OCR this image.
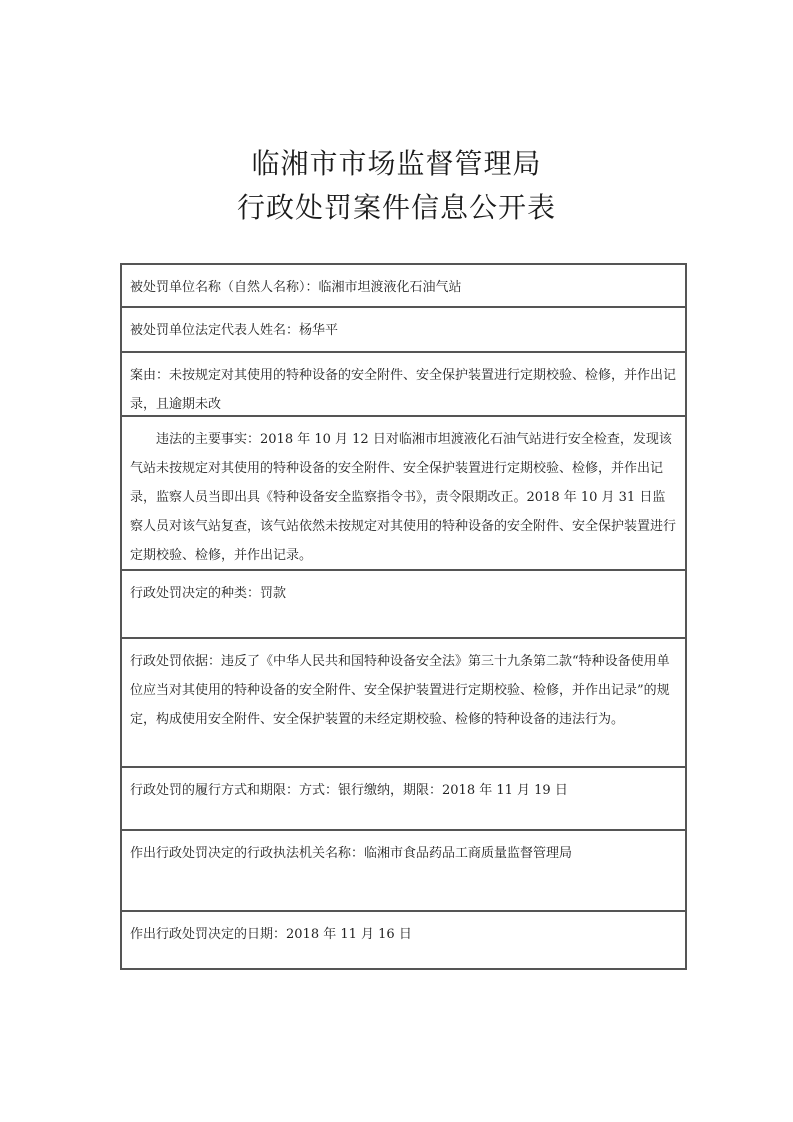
临湘市市场监督管理局
行政处罚案件信息公开表
被处罚单位名称（自然人名称）：临湘市坦渡液化石油气站
被处罚单位法定代表人姓名：杨华平
案由：未按规定对其使用的特种设备的安全附件、安全保护装置进行定期校验、检修，并作出记录，且逾期未改
违法的主要事实：2018 年 10 月 12 日对临湘市坦渡液化石油气站进行安全检查，发现该气站未按规定对其使用的特种设备的安全附件、安全保护装置进行定期校验、检修，并作出记录，监察人员当即出具《特种设备安全监察指令书》，责令限期改正。2018 年 10 月 31 日监察人员对该气站复查，该气站依然未按规定对其使用的特种设备的安全附件、安全保护装置进行定期校验、检修，并作出记录。
行政处罚决定的种类：罚款
行政处罚依据：违反了《中华人民共和国特种设备安全法》第三十九条第二款“特种设备使用单位应当对其使用的特种设备的安全附件、安全保护装置进行定期校验、检修，并作出记录”的规定，构成使用安全附件、安全保护装置的未经定期校验、检修的特种设备的违法行为。
行政处罚的履行方式和期限：方式：银行缴纳，期限：2018 年 11 月 19 日
作出行政处罚决定的行政执法机关名称：临湘市食品药品工商质量监督管理局
作出行政处罚决定的日期：2018 年 11 月 16 日
